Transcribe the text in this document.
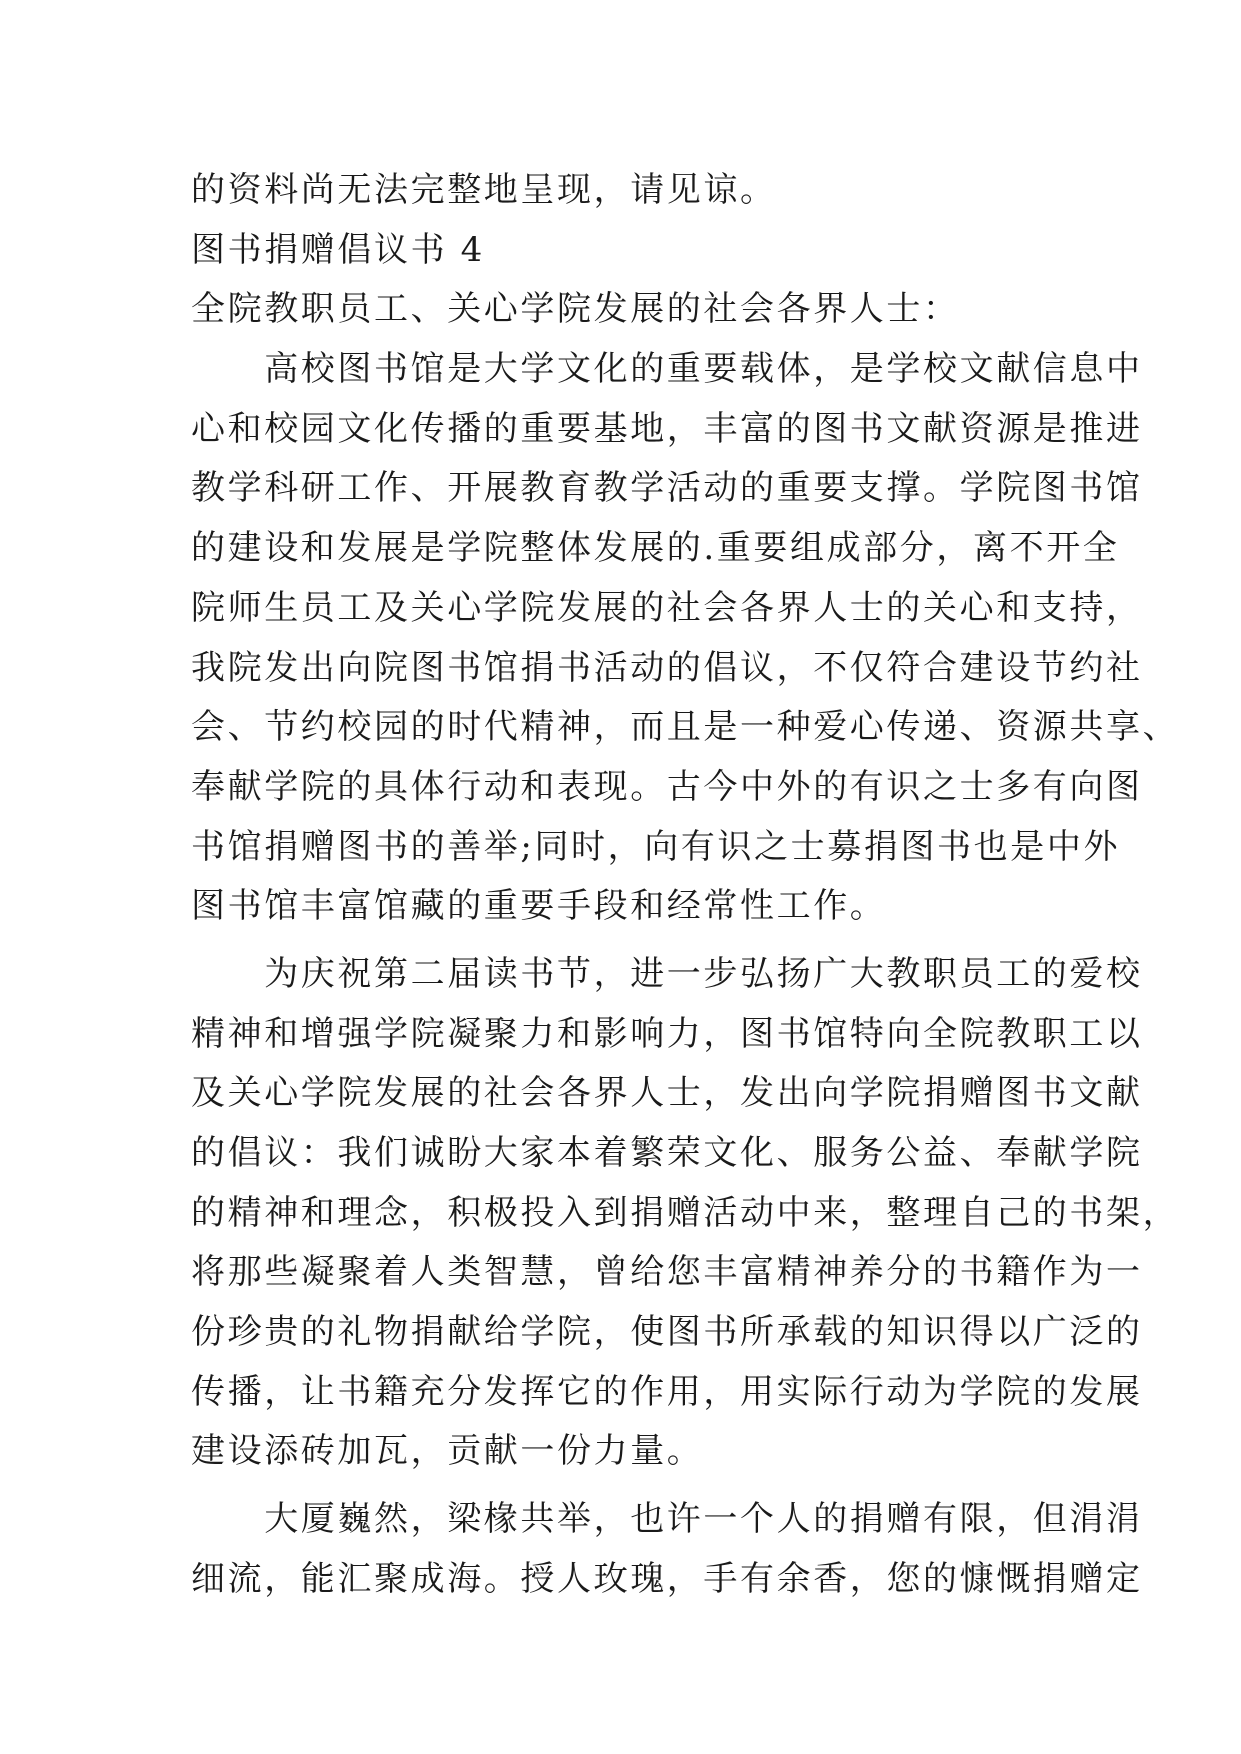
的资料尚无法完整地呈现，请见谅。
图书捐赠倡议书 4
全院教职员工、关心学院发展的社会各界人士：
　　高校图书馆是大学文化的重要载体，是学校文献信息中
心和校园文化传播的重要基地，丰富的图书文献资源是推进
教学科研工作、开展教育教学活动的重要支撑。学院图书馆
的建设和发展是学院整体发展的.重要组成部分，离不开全
院师生员工及关心学院发展的社会各界人士的关心和支持，
我院发出向院图书馆捐书活动的倡议，不仅符合建设节约社
会、节约校园的时代精神，而且是一种爱心传递、资源共享、
奉献学院的具体行动和表现。古今中外的有识之士多有向图
书馆捐赠图书的善举;同时，向有识之士募捐图书也是中外
图书馆丰富馆藏的重要手段和经常性工作。
　　为庆祝第二届读书节，进一步弘扬广大教职员工的爱校
精神和增强学院凝聚力和影响力，图书馆特向全院教职工以
及关心学院发展的社会各界人士，发出向学院捐赠图书文献
的倡议：我们诚盼大家本着繁荣文化、服务公益、奉献学院
的精神和理念，积极投入到捐赠活动中来，整理自己的书架，
将那些凝聚着人类智慧，曾给您丰富精神养分的书籍作为一
份珍贵的礼物捐献给学院，使图书所承载的知识得以广泛的
传播，让书籍充分发挥它的作用，用实际行动为学院的发展
建设添砖加瓦，贡献一份力量。
　　大厦巍然，梁椽共举，也许一个人的捐赠有限，但涓涓
细流，能汇聚成海。授人玫瑰，手有余香，您的慷慨捐赠定
